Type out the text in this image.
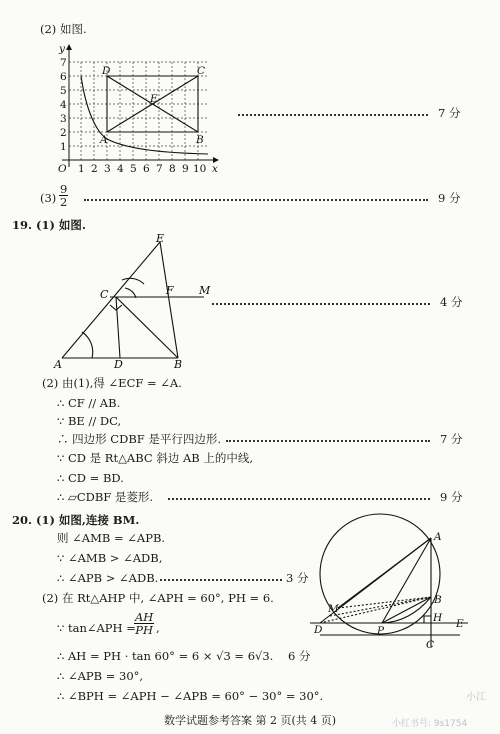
(2) 如图.
1 2 3 4 5 6 7 8 9 10
1
2
3
4
5
6
7
O	x
y
A	B
C
D
E
7 分
$(3) \frac{9}{2}$	9 分
19. (1) 如图.
E
C	F M
A	D	B
4 分
(2) 由(1),得 ∠ECF = ∠A.
∴ CF // AB.
∵ BE // DC,
∴ 四边形 CDBF 是平行四边形.	7 分
∵ CD 是 Rt△ABC 斜边 AB 上的中线,
∴ CD = BD.
∴ ▱CDBF 是菱形.	9 分
20. (1) 如图,连接 BM.
则 ∠AMB = ∠APB.
∵ ∠AMB > ∠ADB,
∴ ∠APB > ∠ADB.	3 分
(2) 在 Rt△AHP 中, ∠APH = 60°, PH = 6.
∵ tan∠APH =
$\frac{AH}{PH}$ ,
∴ AH = PH · tan 60° = 6 × √3 = 6√3. 6 分
∴ ∠APB = 30°,
∴ ∠BPH = ∠APH − ∠APB = 60° − 30° = 30°.
A
M
B
D	P
H E
C
数学试题参考答案 第 2 页(共 4 页)
小江
小红书号: 9s1754
